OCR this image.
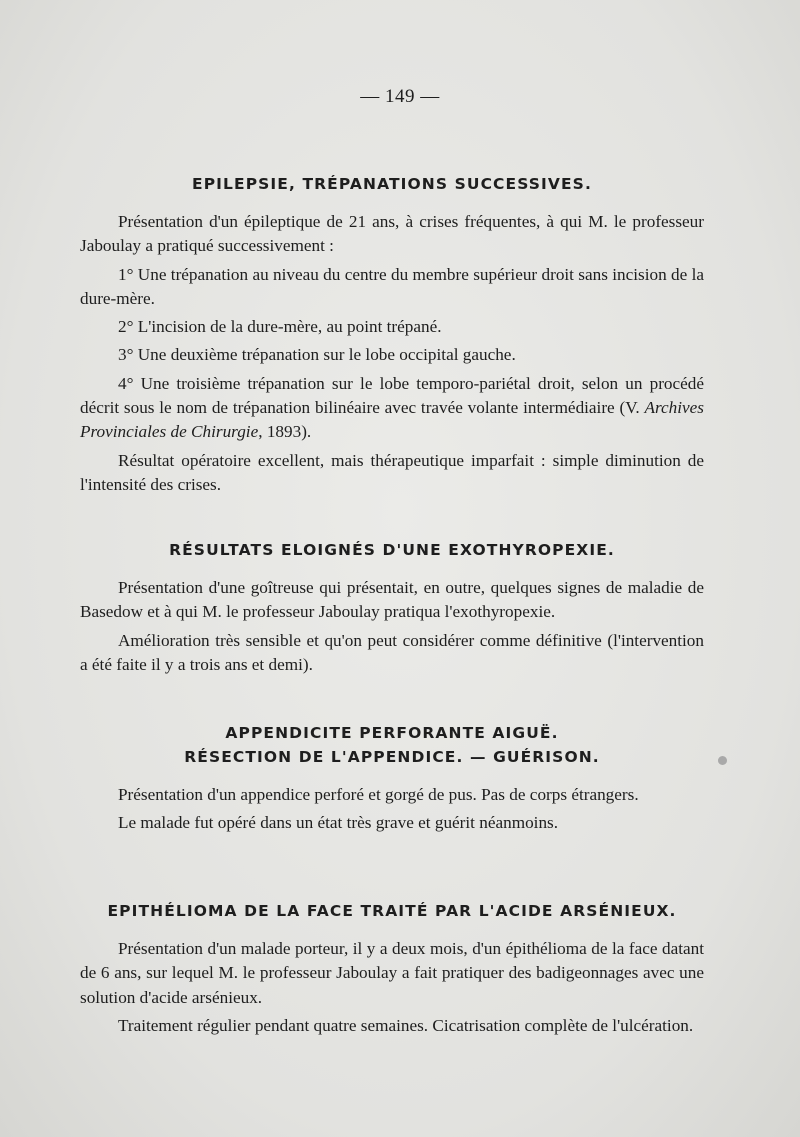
— 149 —
EPILEPSIE, TRÉPANATIONS SUCCESSIVES.

Présentation d'un épileptique de 21 ans, à crises fréquentes, à qui M. le professeur Jaboulay a pratiqué successivement :

1° Une trépanation au niveau du centre du membre supérieur droit sans incision de la dure-mère.

2° L'incision de la dure-mère, au point trépané.

3° Une deuxième trépanation sur le lobe occipital gauche.

4° Une troisième trépanation sur le lobe temporo-pariétal droit, selon un procédé décrit sous le nom de trépanation bilinéaire avec travée volante intermédiaire (V. Archives Provinciales de Chirurgie, 1893).

Résultat opératoire excellent, mais thérapeutique imparfait : simple diminution de l'intensité des crises.

RÉSULTATS ELOIGNÉS D'UNE EXOTHYROPEXIE.

Présentation d'une goîtreuse qui présentait, en outre, quelques signes de maladie de Basedow et à qui M. le professeur Jaboulay pratiqua l'exothyropexie.

Amélioration très sensible et qu'on peut considérer comme définitive (l'intervention a été faite il y a trois ans et demi).

APPENDICITE PERFORANTE AIGUË.
RÉSECTION DE L'APPENDICE. — GUÉRISON.

Présentation d'un appendice perforé et gorgé de pus. Pas de corps étrangers.

Le malade fut opéré dans un état très grave et guérit néanmoins.

EPITHÉLIOMA DE LA FACE TRAITÉ PAR L'ACIDE ARSÉNIEUX.

Présentation d'un malade porteur, il y a deux mois, d'un épithélioma de la face datant de 6 ans, sur lequel M. le professeur Jaboulay a fait pratiquer des badigeonnages avec une solution d'acide arsénieux.

Traitement régulier pendant quatre semaines. Cicatrisation complète de l'ulcération.
